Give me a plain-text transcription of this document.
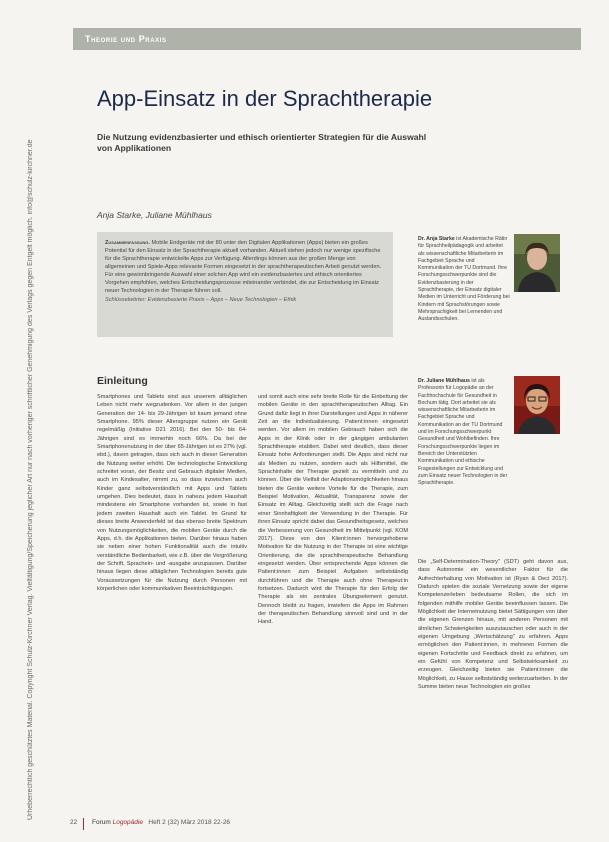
Urheberrechtlich geschütztes Material. Copyright Schulz-Kirchner Verlag. Vielfältigung/Speicherung jeglicher Art nur nach vorheriger schriftlicher Genehmigung des Verlags gegen Entgelt möglich. info@schulz-kirchner.de
Theorie und Praxis
App-Einsatz in der Sprachtherapie
Die Nutzung evidenzbasierter und ethisch orientierter Strategien für die Auswahl von Applikationen
Anja Starke, Juliane Mühlhaus
Zusammenfassung. Mobile Endgeräte mit der 80 unter den Digitalen Applikationen (Apps) bieten ein großes Potential für den Einsatz in der Sprachtherapie aktuell vorhanden. Aktuell stehen jedoch nur wenige spezifische für die Sprachtherapie entwickelte Apps zur Verfügung. Allerdings können aus der großen Menge von allgemeinen und Spiele-Apps relevante Formen eingesetzt in der sprachtherapeutischen Arbeit genutzt werden. Für eine gewinnbringende Auswahl einer solchen App wird ein evidenzbasiertes und ethisch orientiertes Vorgehen empfohlen, welches Entscheidungsprozesse miteinander verbindet, die zur Entscheidung im Einsatz neuer Technologien in der Therapie führen soll.
Schlüsselwörter: Evidenzbasierte Praxis – Apps – Neue Technologien – Ethik
Dr. Anja Starke ist Akademische Rätin für Sprachheilpädagogik und arbeitet als wissenschaftliche Mitarbeiterin im Fachgebiet Sprache und Kommunikation der TU Dortmund. Ihre Forschungsschwerpunkte sind die Evidenzbasierung in der Sprachtherapie, der Einsatz digitaler Medien im Unterricht und Förderung bei Kindern mit Sprachstörungen sowie Mehrsprachigkeit bei Lernenden und Auslandsschulen.
Dr. Juliane Mühlhaus ist als Professorin für Logopädie an der Fachhochschule für Gesundheit in Bochum tätig. Dort arbeitet sie als wissenschaftliche Mitarbeiterin im Fachgebiet Sprache und Kommunikation an der TU Dortmund und im Forschungsschwerpunkt Gesundheit und Wohlbefinden. Ihre Forschungsschwerpunkte liegen im Bereich der Unterstützten Kommunikation und ethische Fragestellungen zur Entwicklung und zum Einsatz neuer Technologien in der Sprachtherapie.
Einleitung
Smartphones und Tablets sind aus unserem alltäglichen Leben nicht mehr wegzudenken. Vor allem in der jungen Generation der 14- bis 29-Jährigen ist kaum jemand ohne Smartphone. 95% dieser Altersgruppe nutzen ein Gerät regelmäßig (Initiative D21 2016). Bei den 50- bis 64-Jährigen sind es immerhin noch 66%. Da bei der Smartphonenutzung in der über 65-Jährigen ist es 27% (vgl. ebd.), davon getragen, dass sich auch in dieser Generation die Nutzung weiter erhöht. Die technologische Entwicklung schreitet voran, der Besitz und Gebrauch digitaler Medien, auch im Kindesalter, nimmt zu, so dass inzwischen auch Kinder ganz selbstverständlich mit Apps und Tablets umgehen. Dies bedeutet, dass in nahezu jedem Haushalt mindestens ein Smartphone vorhanden ist, sowie in fast jedem zweiten Haushalt auch ein Tablet. Im Grund für dieses breite Anwenderfeld ist das ebenso breite Spektrum von Nutzungsmöglichkeiten, die mobilen Geräte durch die Apps, d.h. die Applikationen bieten. Darüber hinaus haben sie neben einer hohen Funktionalität auch die intuitiv verständliche Bedienbarkeit, wie z.B. über die Vergrößerung der Schrift, Sprachein- und -ausgabe anzupassen. Darüber hinaus liegen diese alltäglichen Technologien bereits gute Voraussetzungen für die Nutzung durch Personen mit körperlichen oder kommunikativen Beeinträchtigungen.
und somit auch eine sehr breite Rolle für die Einbettung der mobilen Geräte in den sprachtherapeutischen Alltag. Ein Grund dafür liegt in ihrer Darstellungen und Apps in näherer Zeit an die Individualisierung. Patient:innen eingesetzt werden. Vor allem im mobilen Gebrauch haben sich die Apps in der Klinik oder in der gängigen ambulanten Sprachtherapie etabliert. Dabei wird deutlich, dass dieser Einsatz hohe Anforderungen stellt. Die Apps sind nicht nur als Medien zu nutzen, sondern auch als Hilfsmittel, die Sprachinhalte der Therapie gezielt zu vermitteln und zu können. Über die Vielfalt der Adaptionsmöglichkeiten hinaus bieten die Geräte weitere Vorteile für die Therapie, zum Beispiel Motivation, Aktualität, Transparenz sowie der Einsatz im Alltag. Gleichzeitig stellt sich die Frage nach einer Sinnhaftigkeit der Verwendung in der Therapie. Für ihren Einsatz spricht dabei das Gesundheitsgesetz, welches die Verbesserung von Gesundheit im Mittelpunkt (vgl. KOM 2017). Diese von den Klient:innen hervorgehobene Motivation für die Nutzung in der Therapie ist eine wichtige Orientierung, die die sprachtherapeutische Behandlung eingesetzt werden. Über entsprechende Apps können die Patient:innen zum Beispiel Aufgaben selbstständig durchführen und die Therapie auch ohne Therapeut:in fortsetzen. Dadurch wird die Therapie für den Erfolg der Therapie als ein zentrales Übungselement genutzt. Dennoch bleibt zu fragen, inwiefern die Apps im Rahmen der therapeutischen Behandlung sinnvoll sind und in der Hand.
Die „Self-Determination-Theory" (SDT) geht davon aus, dass Autonomie ein wesentlicher Faktor für die Aufrechterhaltung von Motivation ist (Ryan & Deci 2017). Dadurch spielen die soziale Vernetzung sowie der eigene Kompetenzerleben bedeutsame Rollen, die sich im folgenden mithilfe mobiler Geräte beeinflussen lassen. Die Möglichkeit der Internetnutzung bietet Sättigungen von über die eigenen Grenzen hinaus, mit anderen Personen mit ähnlichen Schwierigkeiten auszutauschen oder auch in der eigenen Umgebung „Wertschätzung" zu erfahren. Apps ermöglichen den Patient:innen, in mehreren Formen die eigenen Fortschritte und Feedback direkt zu erfahren, um ein Gefühl von Kompetenz und Selbstwirksamkeit zu erzeugen. Gleichzeitig bieten sie Patient:innen die Möglichkeit, zu Hause selbstständig weiterzuarbeiten. In der Summe bieten neue Technologien ein großes
22 Forum Logopädie Heft 2 (32) März 2018 22-26
